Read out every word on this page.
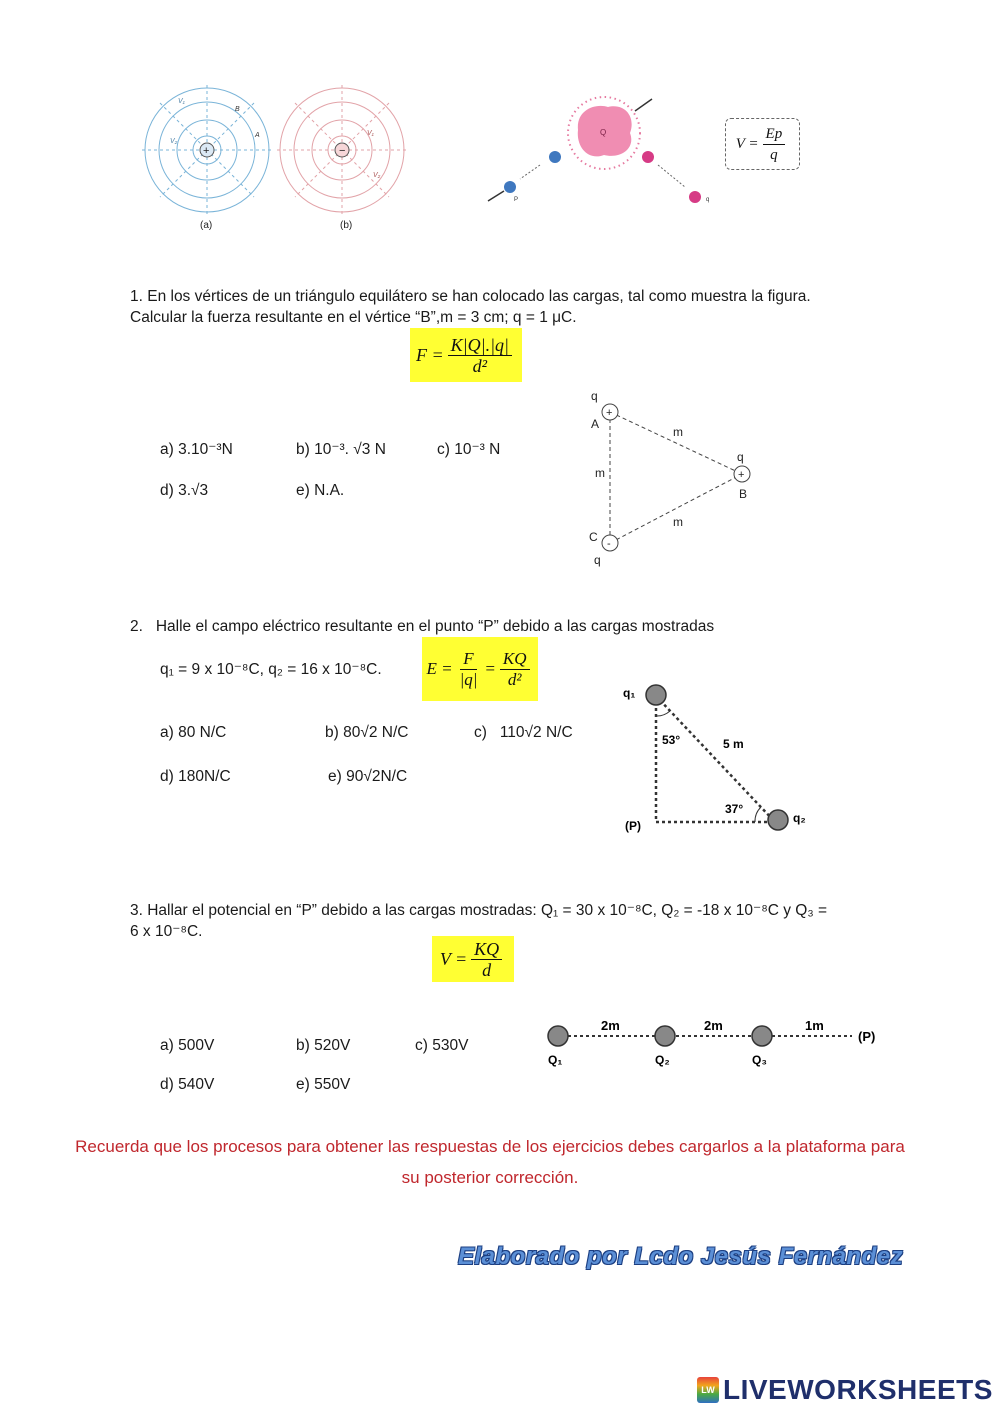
+
V₁
V₂
B
A
(a)
−
V₁
V₂
(b)
Q
P	q
$V = \frac{Ep}{q}$
1. En los vértices de un triángulo equilátero se han colocado las cargas, tal como muestra la figura. Calcular la fuerza resultante en el vértice “B”,m = 3 cm; q = 1 μC.
$F = \frac{K|Q|.|q|}{\text{d²}}$
a) 3.10⁻³N	b) 10⁻³. √3 N	c) 10⁻³ N
d) 3.√3	e) N.A.
+
+
-
q
A
m
q
B
m
m
C
q
2.   Halle el campo eléctrico resultante en el punto “P” debido a las cargas mostradas
q₁ = 9 x 10⁻⁸C, q₂ = 16 x 10⁻⁸C.	$E = \frac{F}{|q|} = \frac{KQ}{\text{d²}}$
a) 80 N/C	b) 80√2 N/C	c)   110√2 N/C
d) 180N/C	e) 90√2N/C
q₁
q₂
(P)
53°
37°
5 m
3. Hallar el potencial en “P” debido a las cargas mostradas: Q₁ = 30 x 10⁻⁸C, Q₂ = -18 x 10⁻⁸C y Q₃ = 6 x 10⁻⁸C.
$V = \frac{KQ}{d}$
a) 500V	b) 520V	c) 530V
d) 540V	e) 550V
2m	2m	1m
(P)
Q₁	Q₂	Q₃
Recuerda que los procesos para obtener las respuestas de los ejercicios debes cargarlos a la plataforma para su posterior corrección.
Elaborado por Lcdo Jesús Fernández
LW LIVEWORKSHEETS
